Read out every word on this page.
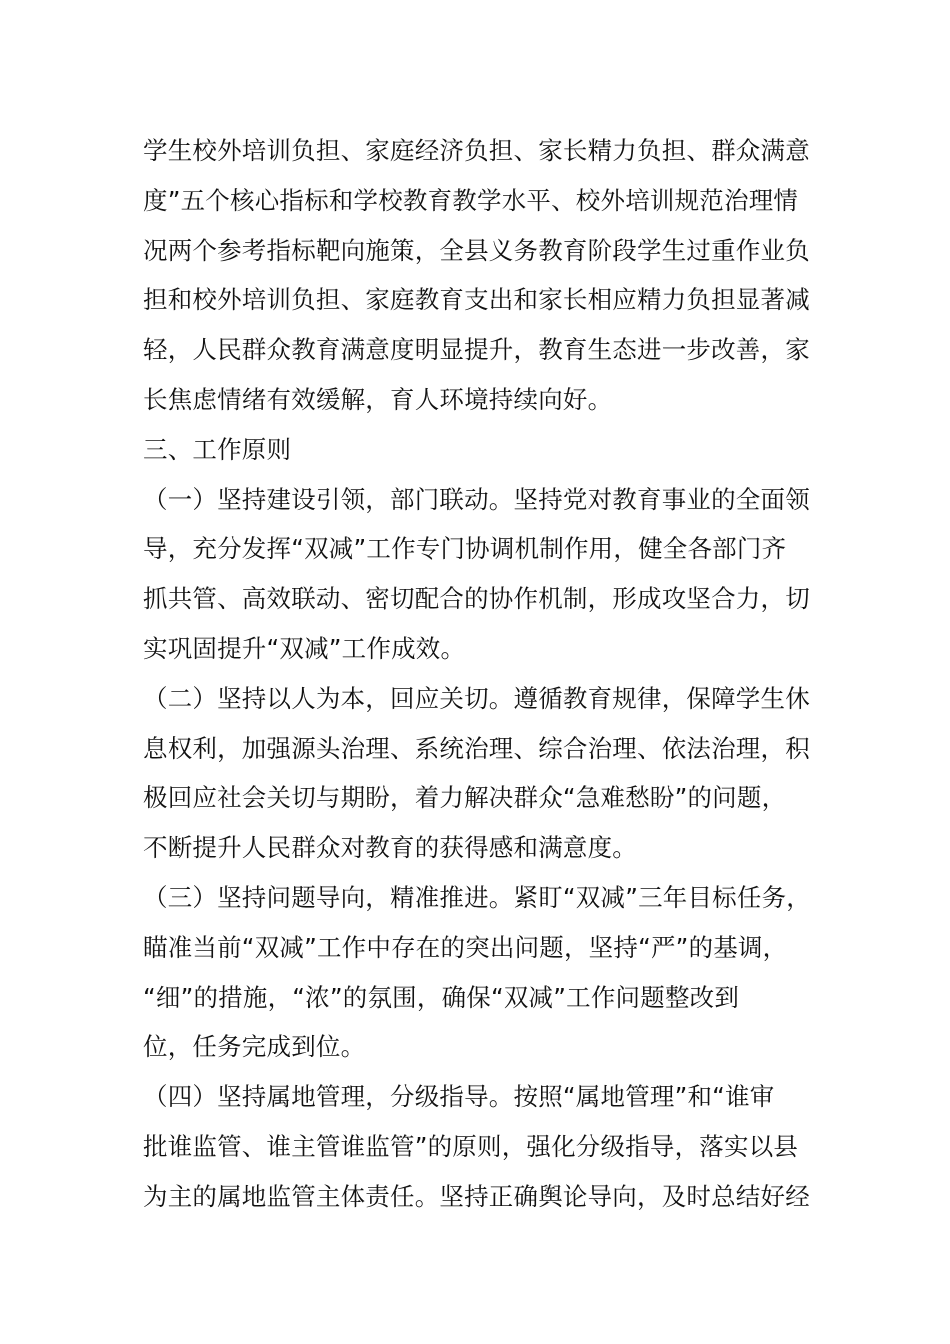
学生校外培训负担、家庭经济负担、家长精力负担、群众满意
度”五个核心指标和学校教育教学水平、校外培训规范治理情
况两个参考指标靶向施策，全县义务教育阶段学生过重作业负
担和校外培训负担、家庭教育支出和家长相应精力负担显著减
轻，人民群众教育满意度明显提升，教育生态进一步改善，家
长焦虑情绪有效缓解，育人环境持续向好。
三、工作原则
（一）坚持建设引领，部门联动。坚持党对教育事业的全面领
导，充分发挥“双减”工作专门协调机制作用，健全各部门齐
抓共管、高效联动、密切配合的协作机制，形成攻坚合力，切
实巩固提升“双减”工作成效。
（二）坚持以人为本，回应关切。遵循教育规律，保障学生休
息权利，加强源头治理、系统治理、综合治理、依法治理，积
极回应社会关切与期盼，着力解决群众“急难愁盼”的问题，
不断提升人民群众对教育的获得感和满意度。
（三）坚持问题导向，精准推进。紧盯“双减”三年目标任务，
瞄准当前“双减”工作中存在的突出问题，坚持“严”的基调，
“细”的措施，“浓”的氛围，确保“双减”工作问题整改到
位，任务完成到位。
（四）坚持属地管理，分级指导。按照“属地管理”和“谁审
批谁监管、谁主管谁监管”的原则，强化分级指导，落实以县
为主的属地监管主体责任。坚持正确舆论导向，及时总结好经
